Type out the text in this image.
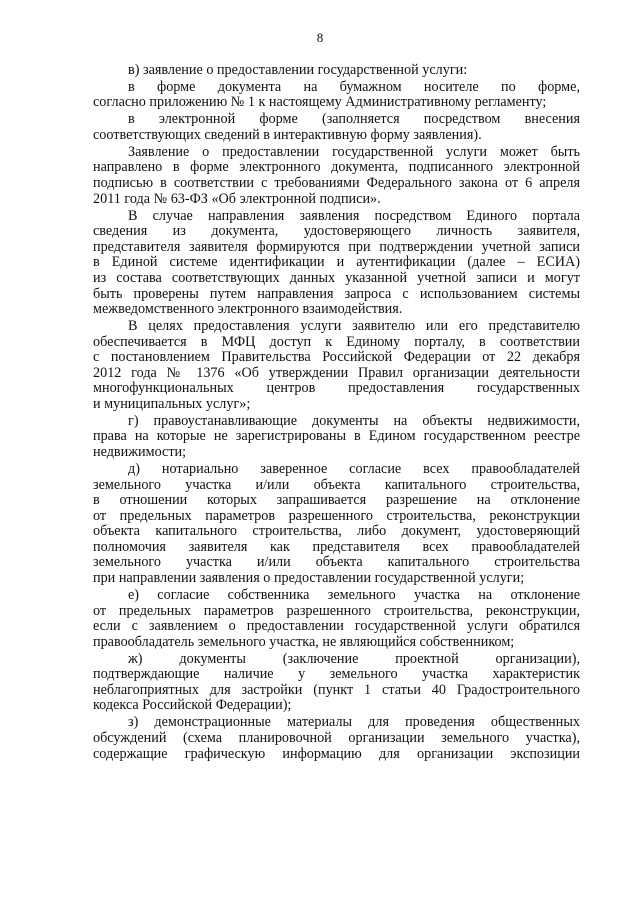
8
в) заявление о предоставлении государственной услуги:
в форме документа на бумажном носителе по форме,
согласно приложению № 1 к настоящему Административному регламенту;
в электронной форме (заполняется посредством внесения
соответствующих сведений в интерактивную форму заявления).
Заявление о предоставлении государственной услуги может быть
направлено в форме электронного документа, подписанного электронной
подписью в соответствии с требованиями Федерального закона от 6 апреля
2011 года № 63-ФЗ «Об электронной подписи».
В случае направления заявления посредством Единого портала
сведения из документа, удостоверяющего личность заявителя,
представителя заявителя формируются при подтверждении учетной записи
в Единой системе идентификации и аутентификации (далее – ЕСИА)
из состава соответствующих данных указанной учетной записи и могут
быть проверены путем направления запроса с использованием системы
межведомственного электронного взаимодействия.
В целях предоставления услуги заявителю или его представителю
обеспечивается в МФЦ доступ к Единому порталу, в соответствии
с постановлением Правительства Российской Федерации от 22 декабря
2012 года № 1376 «Об утверждении Правил организации деятельности
многофункциональных центров предоставления государственных
и муниципальных услуг»;
г) правоустанавливающие документы на объекты недвижимости,
права на которые не зарегистрированы в Едином государственном реестре
недвижимости;
д) нотариально заверенное согласие всех правообладателей
земельного участка и/или объекта капитального строительства,
в отношении которых запрашивается разрешение на отклонение
от предельных параметров разрешенного строительства, реконструкции
объекта капитального строительства, либо документ, удостоверяющий
полномочия заявителя как представителя всех правообладателей
земельного участка и/или объекта капитального строительства
при направлении заявления о предоставлении государственной услуги;
е) согласие собственника земельного участка на отклонение
от предельных параметров разрешенного строительства, реконструкции,
если с заявлением о предоставлении государственной услуги обратился
правообладатель земельного участка, не являющийся собственником;
ж) документы (заключение проектной организации),
подтверждающие наличие у земельного участка характеристик
неблагоприятных для застройки (пункт 1 статьи 40 Градостроительного
кодекса Российской Федерации);
з) демонстрационные материалы для проведения общественных
обсуждений (схема планировочной организации земельного участка),
содержащие графическую информацию для организации экспозиции
